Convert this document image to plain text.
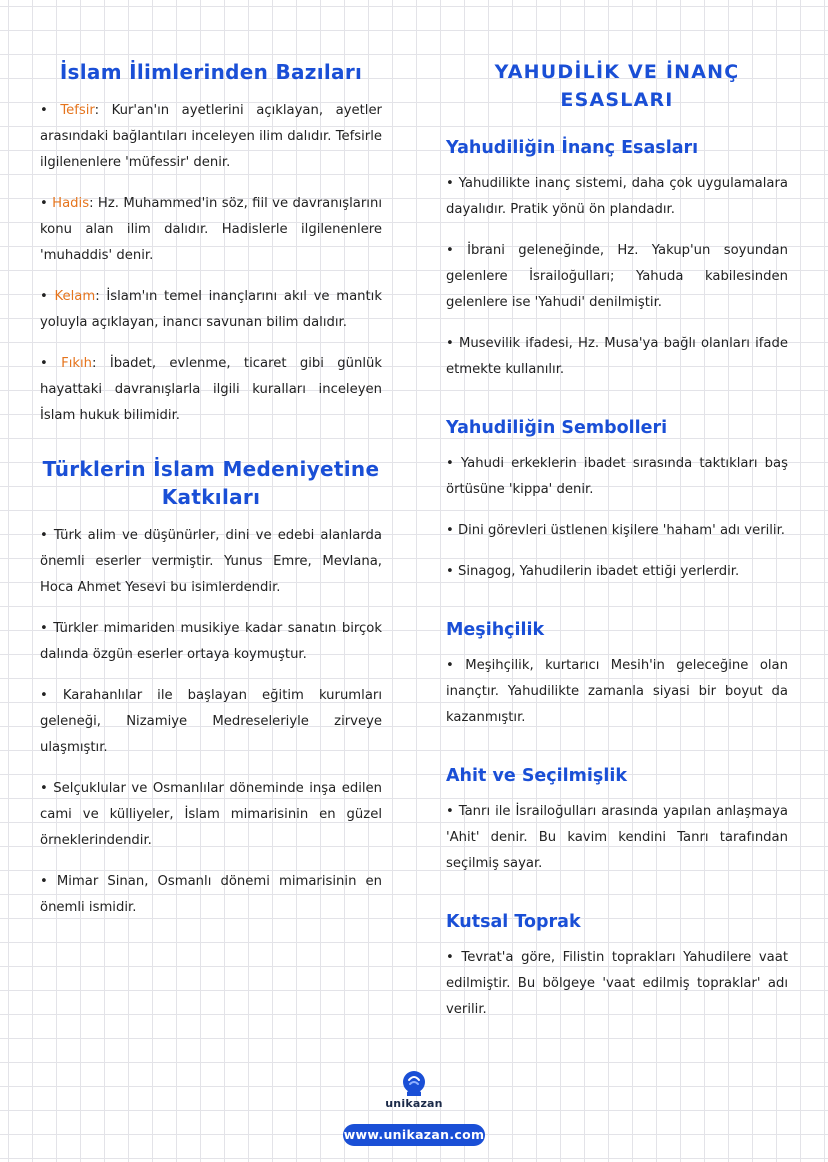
İslam İlimlerinden Bazıları

• Tefsir: Kur'an'ın ayetlerini açıklayan, ayetler arasındaki bağlantıları inceleyen ilim dalıdır. Tefsirle ilgilenenlere 'müfessir' denir.

• Hadis: Hz. Muhammed'in söz, fiil ve davranışlarını konu alan ilim dalıdır. Hadislerle ilgilenenlere 'muhaddis' denir.

• Kelam: İslam'ın temel inançlarını akıl ve mantık yoluyla açıklayan, inancı savunan bilim dalıdır.

• Fıkıh: İbadet, evlenme, ticaret gibi günlük hayattaki davranışlarla ilgili kuralları inceleyen İslam hukuk bilimidir.

Türklerin İslam Medeniyetine Katkıları

• Türk alim ve düşünürler, dini ve edebi alanlarda önemli eserler vermiştir. Yunus Emre, Mevlana, Hoca Ahmet Yesevi bu isimlerdendir.

• Türkler mimariden musikiye kadar sanatın birçok dalında özgün eserler ortaya koymuştur.

• Karahanlılar ile başlayan eğitim kurumları geleneği, Nizamiye Medreseleriyle zirveye ulaşmıştır.

• Selçuklular ve Osmanlılar döneminde inşa edilen cami ve külliyeler, İslam mimarisinin en güzel örneklerindendir.

• Mimar Sinan, Osmanlı dönemi mimarisinin en önemli ismidir.

YAHUDİLİK VE İNANÇ ESASLARI
Yahudiliğin İnanç Esasları

• Yahudilikte inanç sistemi, daha çok uygulamalara dayalıdır. Pratik yönü ön plandadır.

• İbrani geleneğinde, Hz. Yakup'un soyundan gelenlere İsrailoğulları; Yahuda kabilesinden gelenlere ise 'Yahudi' denilmiştir.

• Musevilik ifadesi, Hz. Musa'ya bağlı olanları ifade etmekte kullanılır.

Yahudiliğin Sembolleri

• Yahudi erkeklerin ibadet sırasında taktıkları baş örtüsüne 'kippa' denir.

• Dini görevleri üstlenen kişilere 'haham' adı verilir.

• Sinagog, Yahudilerin ibadet ettiği yerlerdir.

Meşihçilik

• Meşihçilik, kurtarıcı Mesih'in geleceğine olan inançtır. Yahudilikte zamanla siyasi bir boyut da kazanmıştır.

Ahit ve Seçilmişlik

• Tanrı ile İsrailoğulları arasında yapılan anlaşmaya 'Ahit' denir. Bu kavim kendini Tanrı tarafından seçilmiş sayar.

Kutsal Toprak

• Tevrat'a göre, Filistin toprakları Yahudilere vaat edilmiştir. Bu bölgeye 'vaat edilmiş topraklar' adı verilir.

unikazan
www.unikazan.com
